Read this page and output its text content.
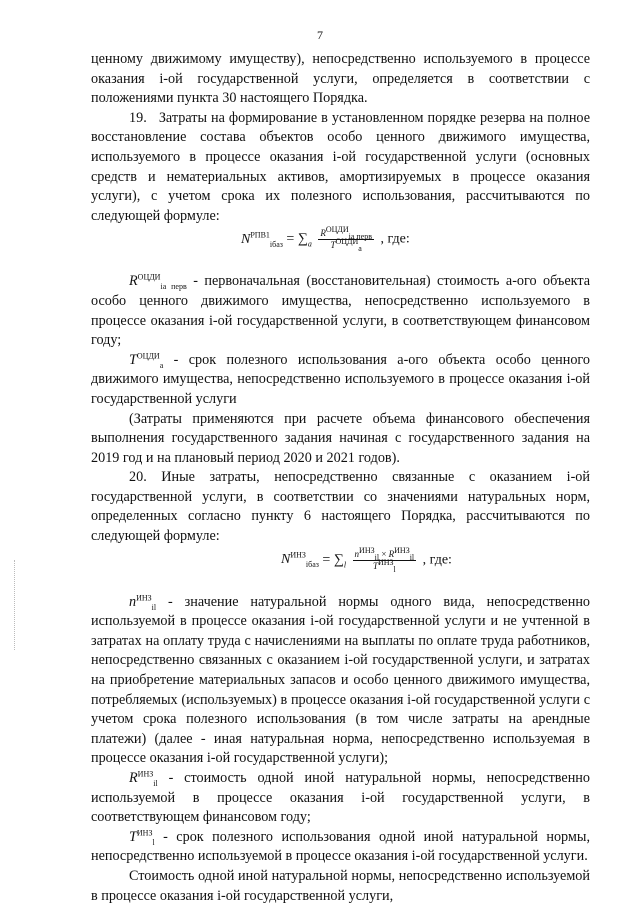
7

ценному движимому имуществу), непосредственно используемого в процессе оказания i-ой государственной услуги, определяется в соответствии с положениями пункта 30 настоящего Порядка.

19.   Затраты на формирование в установленном порядке резерва на полное восстановление состава объектов особо ценного движимого имущества, используемого в процессе оказания i-ой государственной услуги (основных средств и нематериальных активов, амортизируемых в процессе оказания услуги), с учетом срока их полезного использования, рассчитываются по следующей формуле:

$N^{РПВ1}_{iбаз} = \sum_a \frac{R^{ОЦДИ}_{ia перв}}{T^{ОЦДИ}_a}$ , где:

$R^{ОЦДИ}_{ia перв}$ - первоначальная (восстановительная) стоимость а-ого объекта особо ценного движимого имущества, непосредственно используемого в процессе оказания i-ой государственной услуги, в соответствующем финансовом году;

$T^{ОЦДИ}_a$ - срок полезного использования а-ого объекта особо ценного движимого имущества, непосредственно используемого в процессе оказания i-ой государственной услуги

(Затраты применяются при расчете объема финансового обеспечения выполнения государственного задания начиная с государственного задания на 2019 год и на плановый период 2020 и 2021 годов).

20. Иные затраты, непосредственно связанные с оказанием i-ой государственной услуги, в соответствии со значениями натуральных норм, определенных согласно пункту 6 настоящего Порядка, рассчитываются по следующей формуле:

$N^{ИНЗ}_{iбаз} = \sum_l \frac{n^{ИНЗ}_{il} \times R^{ИНЗ}_{il}}{T^{ИНЗ}_l}$ , где:

$n^{ИНЗ}_{il}$ - значение натуральной нормы одного вида, непосредственно используемой в процессе оказания i-ой государственной услуги и не учтенной в затратах на оплату труда с начислениями на выплаты по оплате труда работников, непосредственно связанных с оказанием i-ой государственной услуги, и затратах на приобретение материальных запасов и особо ценного движимого имущества, потребляемых (используемых) в процессе оказания i-ой государственной услуги с учетом срока полезного использования (в том числе затраты на арендные платежи) (далее - иная натуральная норма, непосредственно используемая в процессе оказания i-ой государственной услуги);

$R^{ИНЗ}_{il}$ - стоимость одной иной натуральной нормы, непосредственно используемой в процессе оказания i-ой государственной услуги, в соответствующем финансовом году;

$T^{ИНЗ}_l$ - срок полезного использования одной иной натуральной нормы, непосредственно используемой в процессе оказания i-ой государственной услуги.

Стоимость одной иной натуральной нормы, непосредственно используемой в процессе оказания i-ой государственной услуги,
